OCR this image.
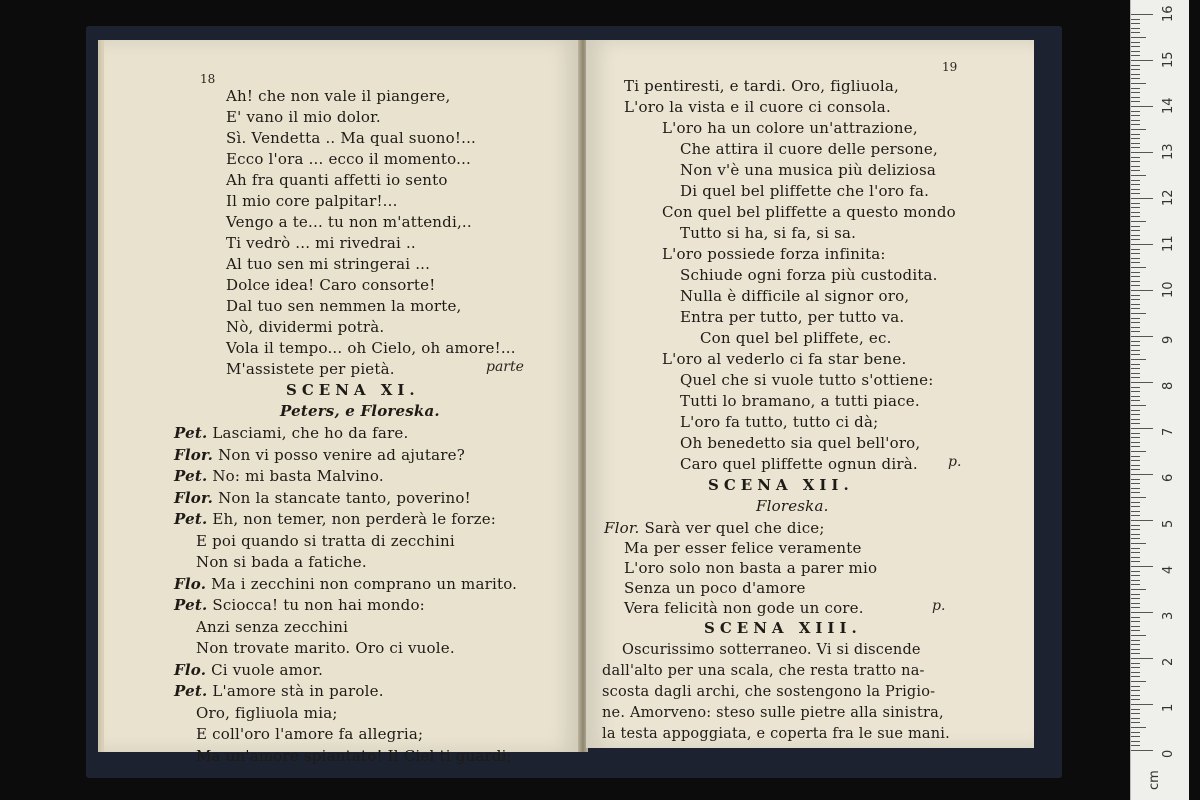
18
Ah! che non vale il piangere,
E' vano il mio dolor.
Sì. Vendetta .. Ma qual suono!...
Ecco l'ora ... ecco il momento...
Ah fra quanti affetti io sento
Il mio core palpitar!...
Vengo a te... tu non m'attendi,..
Ti vedrò ... mi rivedrai ..
Al tuo sen mi stringerai ...
Dolce idea! Caro consorte!
Dal tuo sen nemmen la morte,
Nò, dividermi potrà.
Vola il tempo... oh Cielo, oh amore!...
M'assistete per pietà.	parte
SCENA XI.
Peters, e Floreska.
Pet. Lasciami, che ho da fare.
Flor. Non vi posso venire ad ajutare?
Pet. No: mi basta Malvino.
Flor. Non la stancate tanto, poverino!
Pet. Eh, non temer, non perderà le forze:
E poi quando si tratta di zecchini
Non si bada a fatiche.
Flo. Ma i zecchini non comprano un marito.
Pet. Sciocca! tu non hai mondo:
Anzi senza zecchini
Non trovate marito. Oro ci vuole.
Flo. Ci vuole amor.
Pet. L'amore stà in parole.
Oro, figliuola mia;
E coll'oro l'amore fa allegria;
Ma un'amore spiantato! Il Ciel ti guardi;
19
Ti pentiresti, e tardi. Oro, figliuola,
L'oro la vista e il cuore ci consola.
L'oro ha un colore un'attrazione,
Che attira il cuore delle persone,
Non v'è una musica più deliziosa
Di quel bel pliffette che l'oro fa.
Con quel bel pliffette a questo mondo
Tutto si ha, si fa, si sa.
L'oro possiede forza infinita:
Schiude ogni forza più custodita.
Nulla è difficile al signor oro,
Entra per tutto, per tutto va.
Con quel bel pliffete, ec.
L'oro al vederlo ci fa star bene.
Quel che si vuole tutto s'ottiene:
Tutti lo bramano, a tutti piace.
L'oro fa tutto, tutto ci dà;
Oh benedetto sia quel bell'oro,
Caro quel pliffette ognun dirà. p.
SCENA XII.
Floreska.
Flor. Sarà ver quel che dice;
Ma per esser felice veramente
L'oro solo non basta a parer mio
Senza un poco d'amore
Vera felicità non gode un core.	p.
SCENA XIII.
Oscurissimo sotterraneo. Vi si discende
dall'alto per una scala, che resta tratto na-
scosta dagli archi, che sostengono la Prigio-
ne. Amorveno: steso sulle pietre alla sinistra,
la testa appoggiata, e coperta fra le sue mani.
16
15
14
13
12
11
10
9
8
7
6
5
4
3
2
1
0
cm
